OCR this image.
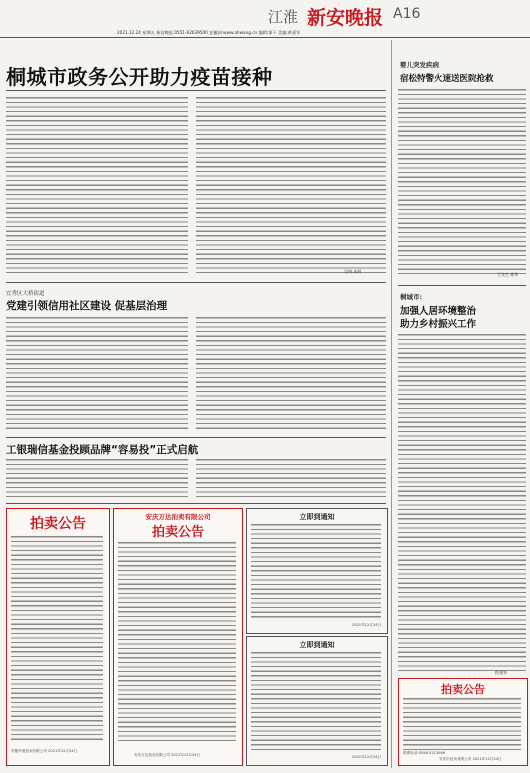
江淮 新安晚报 A16
2021.12.24 星期五 新安晚报:0551-62639500 安徽网:www.ahwang.cn 编辑:郁干 美编:黄嘉军
桐城市政务公开助力疫苗接种
吴明 朱明
宜秀区大桥街道
党建引领信用社区建设 促基层治理
工银瑞信基金投顾品牌“容易投”正式启航
婴儿突发疾病
宿松特警火速送医院抢救
王先生 徐华
桐城市:
加强人居环境整治
助力乡村振兴工作
程建华
拍卖公告
安徽华迪拍卖有限公司 2021年12月24日
安庆万达拍卖有限公司
拍卖公告
安庆万达拍卖有限公司 2021年12月24日
立即到通知
2021年12月24日
立即到通知
2021年12月24日
拍卖公告
联系电话:0556-5213086
安庆市拍卖有限公司 2021年12月24日
